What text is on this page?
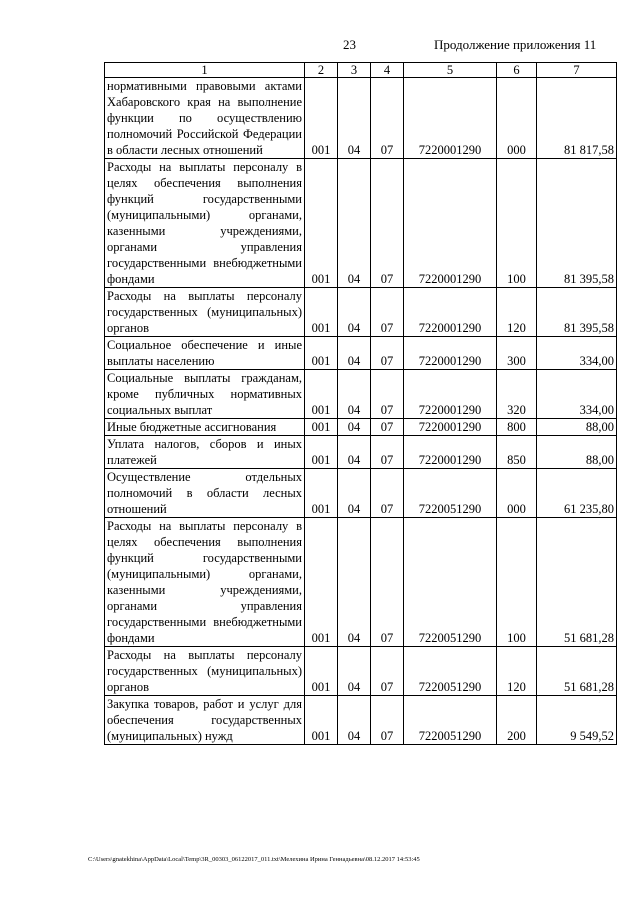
23	Продолжение приложения 11
1	2	3	4	5	6	7
нормативными правовыми актами Хабаровского края на выполнение функции по осуществлению полномочий Российской Федерации в области лесных отношений	001	04	07	7220001290	000	81 817,58
Расходы на выплаты персоналу в целях обеспечения выполнения функций государственными (муниципальными) органами, казенными учреждениями, органами управления государственными внебюджетными фондами	001	04	07	7220001290	100	81 395,58
Расходы на выплаты персоналу государственных (муниципальных) органов	001	04	07	7220001290	120	81 395,58
Социальное обеспечение и иные выплаты населению	001	04	07	7220001290	300	334,00
Социальные выплаты гражданам, кроме публичных нормативных социальных выплат	001	04	07	7220001290	320	334,00
Иные бюджетные ассигнования	001	04	07	7220001290	800	88,00
Уплата налогов, сборов и иных платежей	001	04	07	7220001290	850	88,00
Осуществление отдельных полномочий в области лесных отношений	001	04	07	7220051290	000	61 235,80
Расходы на выплаты персоналу в целях обеспечения выполнения функций государственными (муниципальными) органами, казенными учреждениями, органами управления государственными внебюджетными фондами	001	04	07	7220051290	100	51 681,28
Расходы на выплаты персоналу государственных (муниципальных) органов	001	04	07	7220051290	120	51 681,28
Закупка товаров, работ и услуг для обеспечения государственных (муниципальных) нужд	001	04	07	7220051290	200	9 549,52
C:\Users\gnatekhina\AppData\Local\Temp\3R_00303_06122017_011.txt\Мелехина Ирина Геннадьевна\08.12.2017 14:53:45
